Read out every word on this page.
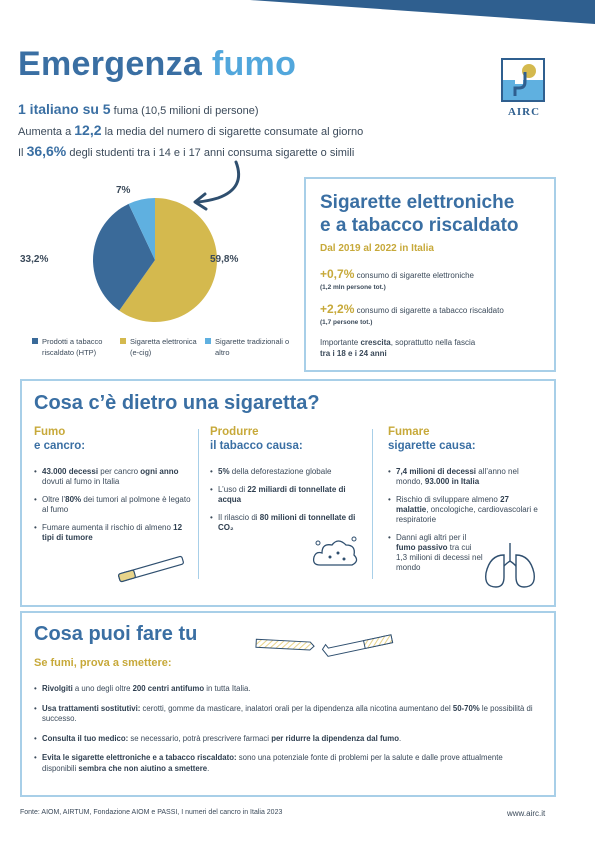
Emergenza fumo
AIRC
1 italiano su 5 fuma (10,5 milioni di persone)
Aumenta a 12,2 la media del numero di sigarette consumate al giorno
Il 36,6% degli studenti tra i 14 e i 17 anni consuma sigarette o simili
33,2%
7%
59,8%
Prodotti a tabacco riscaldato (HTP)
Sigaretta elettronica (e-cig)
Sigarette tradizionali o altro
Sigarette elettroniche
e a tabacco riscaldato
Dal 2019 al 2022 in Italia
+0,7% consumo di sigarette elettroniche
(1,2 mln persone tot.)
+2,2% consumo di sigarette a tabacco riscaldato
(1,7 persone tot.)
Importante crescita, soprattutto nella fascia
tra i 18 e i 24 anni
Cosa c’è dietro una sigaretta?
Fumo
e cancro:
• 43.000 decessi per cancro ogni anno dovuti al fumo in Italia
• Oltre l’80% dei tumori al polmone è legato al fumo
• Fumare aumenta il rischio di almeno 12 tipi di tumore
Produrre
il tabacco causa:
• 5% della deforestazione globale
• L’uso di 22 miliardi di tonnellate di acqua
• Il rilascio di 80 milioni di tonnellate di CO₂
Fumare
sigarette causa:
• 7,4 milioni di decessi all’anno nel mondo, 93.000 in Italia
• Rischio di sviluppare almeno 27 malattie, oncologiche, cardiovascolari e respiratorie
• Danni agli altri per il fumo passivo tra cui 1,3 milioni di decessi nel mondo
Cosa puoi fare tu
Se fumi, prova a smettere:
• Rivolgiti a uno degli oltre 200 centri antifumo in tutta Italia.
• Usa trattamenti sostitutivi: cerotti, gomme da masticare, inalatori orali per la dipendenza alla nicotina aumentano del 50-70% le possibilità di successo.
• Consulta il tuo medico: se necessario, potrà prescrivere farmaci per ridurre la dipendenza dal fumo.
• Evita le sigarette elettroniche e a tabacco riscaldato: sono una potenziale fonte di problemi per la salute e dalle prove attualmente disponibili sembra che non aiutino a smettere.
Fonte: AIOM, AIRTUM, Fondazione AIOM e PASSI, I numeri del cancro in Italia 2023	www.airc.it
